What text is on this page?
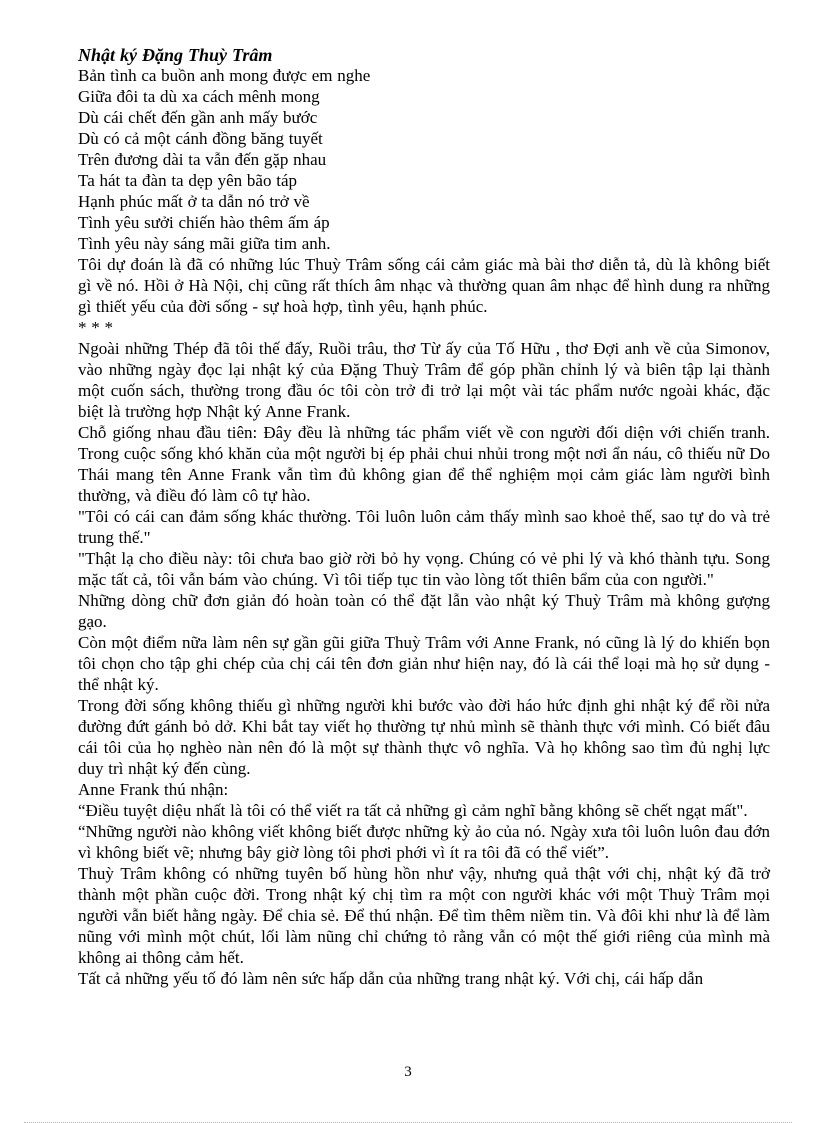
Nhật ký Đặng Thuỳ Trâm
Bản tình ca buồn anh mong được em nghe
Giữa đôi ta dù xa cách mênh mong
Dù cái chết đến gần anh mấy bước
Dù có cả một cánh đồng băng tuyết
Trên đương dài ta vẫn đến gặp nhau
Ta hát ta đàn ta dẹp yên bão táp
Hạnh phúc mất ở ta dẫn nó trở về
Tình yêu sưởi chiến hào thêm ấm áp
Tình yêu này sáng mãi giữa tim anh.
Tôi dự đoán là đã có những lúc Thuỳ Trâm sống cái cảm giác mà bài thơ diễn tả, dù là không biết gì về nó. Hồi ở Hà Nội, chị cũng rất thích âm nhạc và thường quan âm nhạc để hình dung ra những gì thiết yếu của đời sống - sự hoà hợp, tình yêu, hạnh phúc.
* * *
Ngoài những Thép đã tôi thế đấy, Ruồi trâu, thơ Từ ấy của Tố Hữu , thơ Đợi anh về của Simonov, vào những ngày đọc lại nhật ký của Đặng Thuỳ Trâm để góp phần chỉnh lý và biên tập lại thành một cuốn sách, thường trong đầu óc tôi còn trở đi trở lại một vài tác phẩm nước ngoài khác, đặc biệt là trường hợp Nhật ký Anne Frank.
Chỗ giống nhau đầu tiên: Đây đều là những tác phẩm viết về con người đối diện với chiến tranh. Trong cuộc sống khó khăn của một người bị ép phải chui nhủi trong một nơi ẩn náu, cô thiếu nữ Do Thái mang tên Anne Frank vẫn tìm đủ không gian để thể nghiệm mọi cảm giác làm người bình thường, và điều đó làm cô tự hào.
"Tôi có cái can đảm sống khác thường. Tôi luôn luôn cảm thấy mình sao khoẻ thế, sao tự do và trẻ trung thế."
"Thật lạ cho điều này: tôi chưa bao giờ rời bỏ hy vọng. Chúng có vẻ phi lý và khó thành tựu. Song mặc tất cả, tôi vẫn bám vào chúng. Vì tôi tiếp tục tin vào lòng tốt thiên bẩm của con người."
Những dòng chữ đơn giản đó hoàn toàn có thể đặt lẫn vào nhật ký Thuỳ Trâm mà không gượng gạo.
Còn một điểm nữa làm nên sự gần gũi giữa Thuỳ Trâm với Anne Frank, nó cũng là lý do khiến bọn tôi chọn cho tập ghi chép của chị cái tên đơn giản như hiện nay, đó là cái thể loại mà họ sử dụng - thể nhật ký.
Trong đời sống không thiếu gì những người khi bước vào đời háo hức định ghi nhật ký để rồi nửa đường đứt gánh bỏ dở. Khi bắt tay viết họ thường tự nhủ mình sẽ thành thực với mình. Có biết đâu cái tôi của họ nghèo nàn nên đó là một sự thành thực vô nghĩa. Và họ không sao tìm đủ nghị lực duy trì nhật ký đến cùng.
Anne Frank thú nhận:
“Điều tuyệt diệu nhất là tôi có thể viết ra tất cả những gì cảm nghĩ bằng không sẽ chết ngạt mất".
“Những người nào không viết không biết được những kỳ ảo của nó. Ngày xưa tôi luôn luôn đau đớn vì không biết vẽ; nhưng bây giờ lòng tôi phơi phới vì ít ra tôi đã có thể viết”.
Thuỳ Trâm không có những tuyên bố hùng hồn như vậy, nhưng quả thật với chị, nhật ký đã trở thành một phần cuộc đời. Trong nhật ký chị tìm ra một con người khác với một Thuỳ Trâm mọi người vẫn biết hằng ngày. Để chia sẻ. Để thú nhận. Để tìm thêm niềm tin. Và đôi khi như là để làm nũng với mình một chút, lối làm nũng chỉ chứng tỏ rằng vẫn có một thế giới riêng của mình mà không ai thông cảm hết.
Tất cả những yếu tố đó làm nên sức hấp dẫn của những trang nhật ký. Với chị, cái hấp dẫn
3
